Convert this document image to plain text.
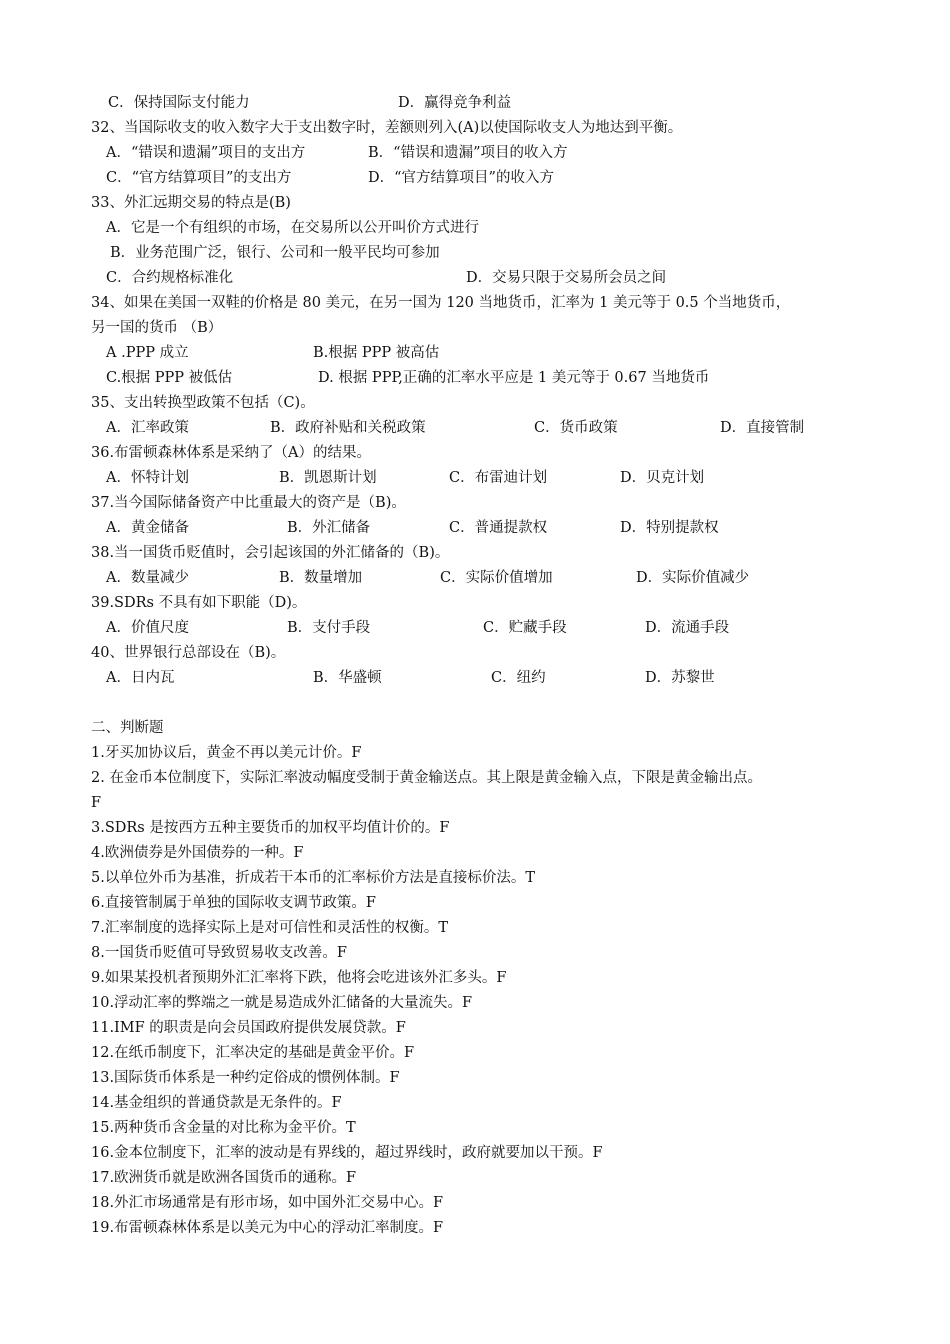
C．保持国际支付能力	D．赢得竞争利益
32、当国际收支的收入数字大于支出数字时，差额则列入(A)以使国际收支人为地达到平衡。
A．“错误和遗漏”项目的支出方	B．“错误和遗漏”项目的收入方
C．“官方结算项目”的支出方	D．“官方结算项目”的收入方
33、外汇远期交易的特点是(B)
A．它是一个有组织的市场，在交易所以公开叫价方式进行
B．业务范围广泛，银行、公司和一般平民均可参加
C．合约规格标准化	D．交易只限于交易所会员之间
34、如果在美国一双鞋的价格是 80 美元，在另一国为 120 当地货币，汇率为 1 美元等于 0.5 个当地货币，
另一国的货币 （B）
A .PPP 成立	B.根据 PPP 被高估
C.根据 PPP 被低估	D. 根据 PPP,正确的汇率水平应是 1 美元等于 0.67 当地货币
35、支出转换型政策不包括（C)。
A．汇率政策	B．政府补贴和关税政策	C．货币政策	D．直接管制
36.布雷顿森林体系是采纳了（A）的结果。
A．怀特计划	B．凯恩斯计划	C．布雷迪计划	D．贝克计划
37.当今国际储备资产中比重最大的资产是（B)。
A．黄金储备	B．外汇储备	C．普通提款权	D．特别提款权
38.当一国货币贬值时，会引起该国的外汇储备的（B)。
A．数量减少	B．数量增加	C．实际价值增加	D．实际价值减少
39.SDRs 不具有如下职能（D)。
A．价值尺度	B．支付手段	C．贮藏手段	D．流通手段
40、世界银行总部设在（B)。
A．日内瓦	B．华盛顿	C．纽约	D．苏黎世
二、判断题
1.牙买加协议后，黄金不再以美元计价。F
2. 在金币本位制度下，实际汇率波动幅度受制于黄金输送点。其上限是黄金输入点，下限是黄金输出点。
F
3.SDRs 是按西方五种主要货币的加权平均值计价的。F
4.欧洲债券是外国债券的一种。F
5.以单位外币为基准，折成若干本币的汇率标价方法是直接标价法。T
6.直接管制属于单独的国际收支调节政策。F
7.汇率制度的选择实际上是对可信性和灵活性的权衡。T
8.一国货币贬值可导致贸易收支改善。F
9.如果某投机者预期外汇汇率将下跌，他将会吃进该外汇多头。F
10.浮动汇率的弊端之一就是易造成外汇储备的大量流失。F
11.IMF 的职责是向会员国政府提供发展贷款。F
12.在纸币制度下，汇率决定的基础是黄金平价。F
13.国际货币体系是一种约定俗成的惯例体制。F
14.基金组织的普通贷款是无条件的。F
15.两种货币含金量的对比称为金平价。T
16.金本位制度下，汇率的波动是有界线的，超过界线时，政府就要加以干预。F
17.欧洲货币就是欧洲各国货币的通称。F
18.外汇市场通常是有形市场，如中国外汇交易中心。F
19.布雷顿森林体系是以美元为中心的浮动汇率制度。F
